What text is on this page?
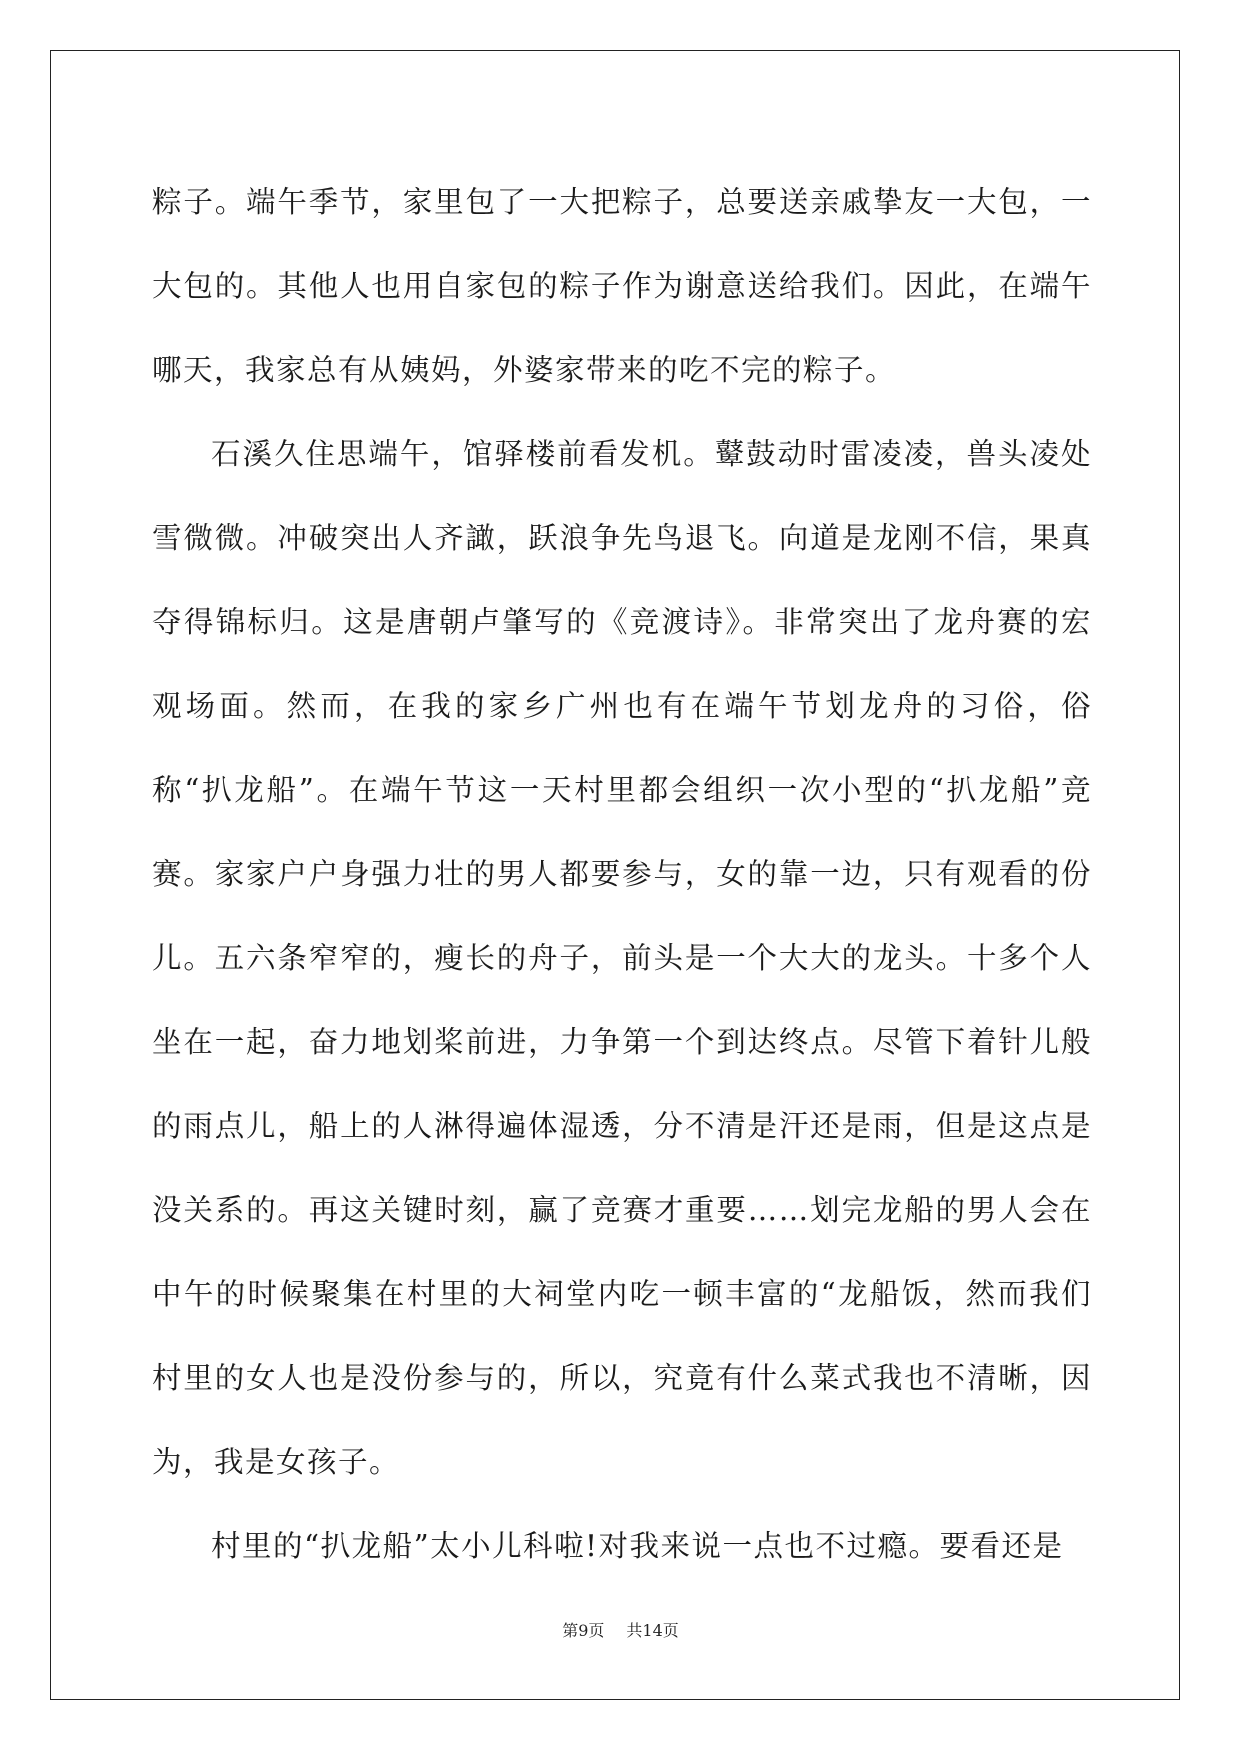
粽子。端午季节，家里包了一大把粽子，总要送亲戚挚友一大包，一大包的。其他人也用自家包的粽子作为谢意送给我们。因此，在端午哪天，我家总有从姨妈，外婆家带来的吃不完的粽子。

石溪久住思端午，馆驿楼前看发机。鼙鼓动时雷凌凌，兽头凌处雪微微。冲破突出人齐譀，跃浪争先鸟退飞。向道是龙刚不信，果真夺得锦标归。这是唐朝卢肇写的《竞渡诗》。非常突出了龙舟赛的宏观场面。然而，在我的家乡广州也有在端午节划龙舟的习俗，俗称“扒龙船”。在端午节这一天村里都会组织一次小型的“扒龙船”竞赛。家家户户身强力壮的男人都要参与，女的靠一边，只有观看的份儿。五六条窄窄的，瘦长的舟子，前头是一个大大的龙头。十多个人坐在一起，奋力地划桨前进，力争第一个到达终点。尽管下着针儿般的雨点儿，船上的人淋得遍体湿透，分不清是汗还是雨，但是这点是没关系的。再这关键时刻，赢了竞赛才重要……划完龙船的男人会在中午的时候聚集在村里的大祠堂内吃一顿丰富的“龙船饭，然而我们村里的女人也是没份参与的，所以，究竟有什么菜式我也不清晰，因为，我是女孩子。

村里的“扒龙船”太小儿科啦!对我来说一点也不过瘾。要看还是

第9页 共14页
